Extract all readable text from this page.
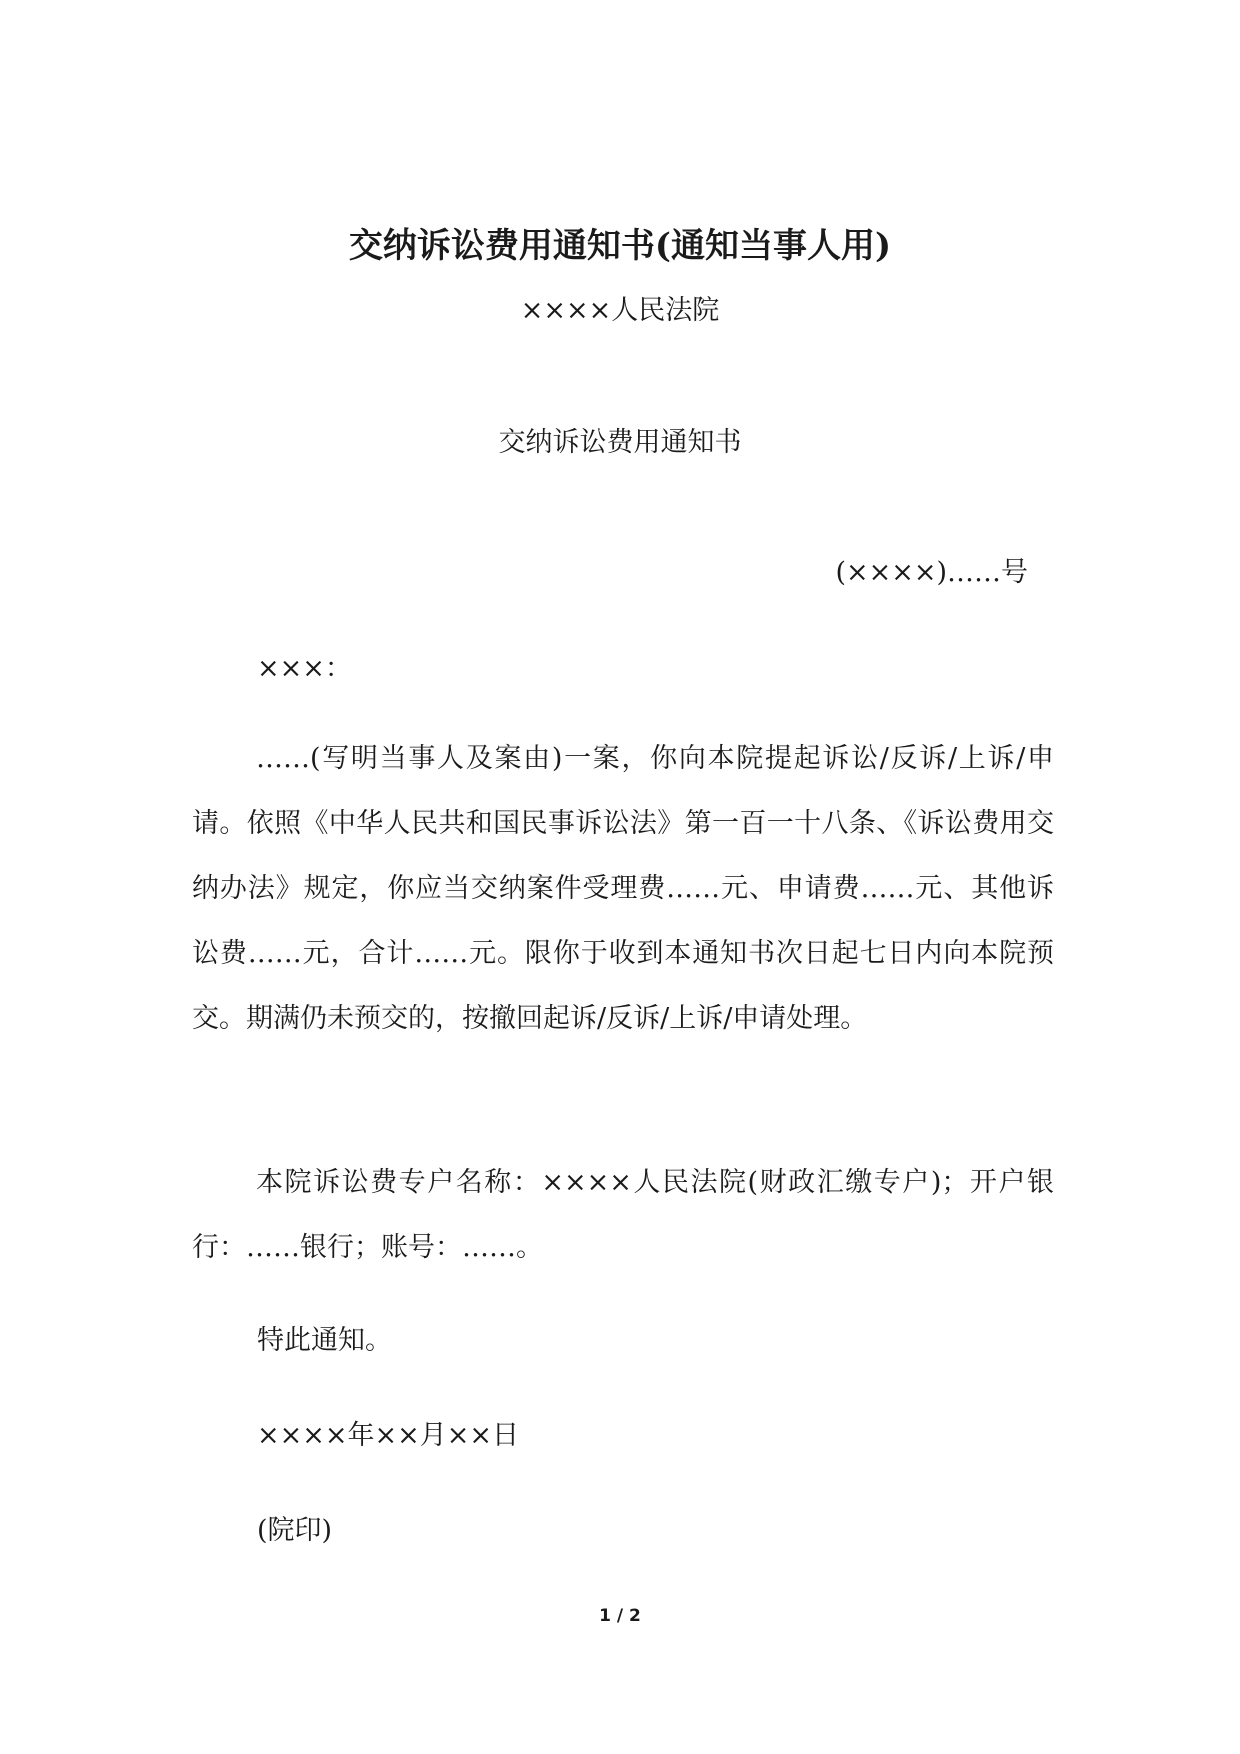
交纳诉讼费用通知书(通知当事人用)
××××人民法院
交纳诉讼费用通知书
(××××)……号
×××：

……(写明当事人及案由)一案，你向本院提起诉讼/反诉/上诉/申请。依照《中华人民共和国民事诉讼法》第一百一十八条、《诉讼费用交纳办法》规定，你应当交纳案件受理费……元、申请费……元、其他诉讼费……元，合计……元。限你于收到本通知书次日起七日内向本院预交。期满仍未预交的，按撤回起诉/反诉/上诉/申请处理。

本院诉讼费专户名称：××××人民法院(财政汇缴专户)；开户银行：……银行；账号：……。

特此通知。
××××年××月××日
(院印)
1 / 2
